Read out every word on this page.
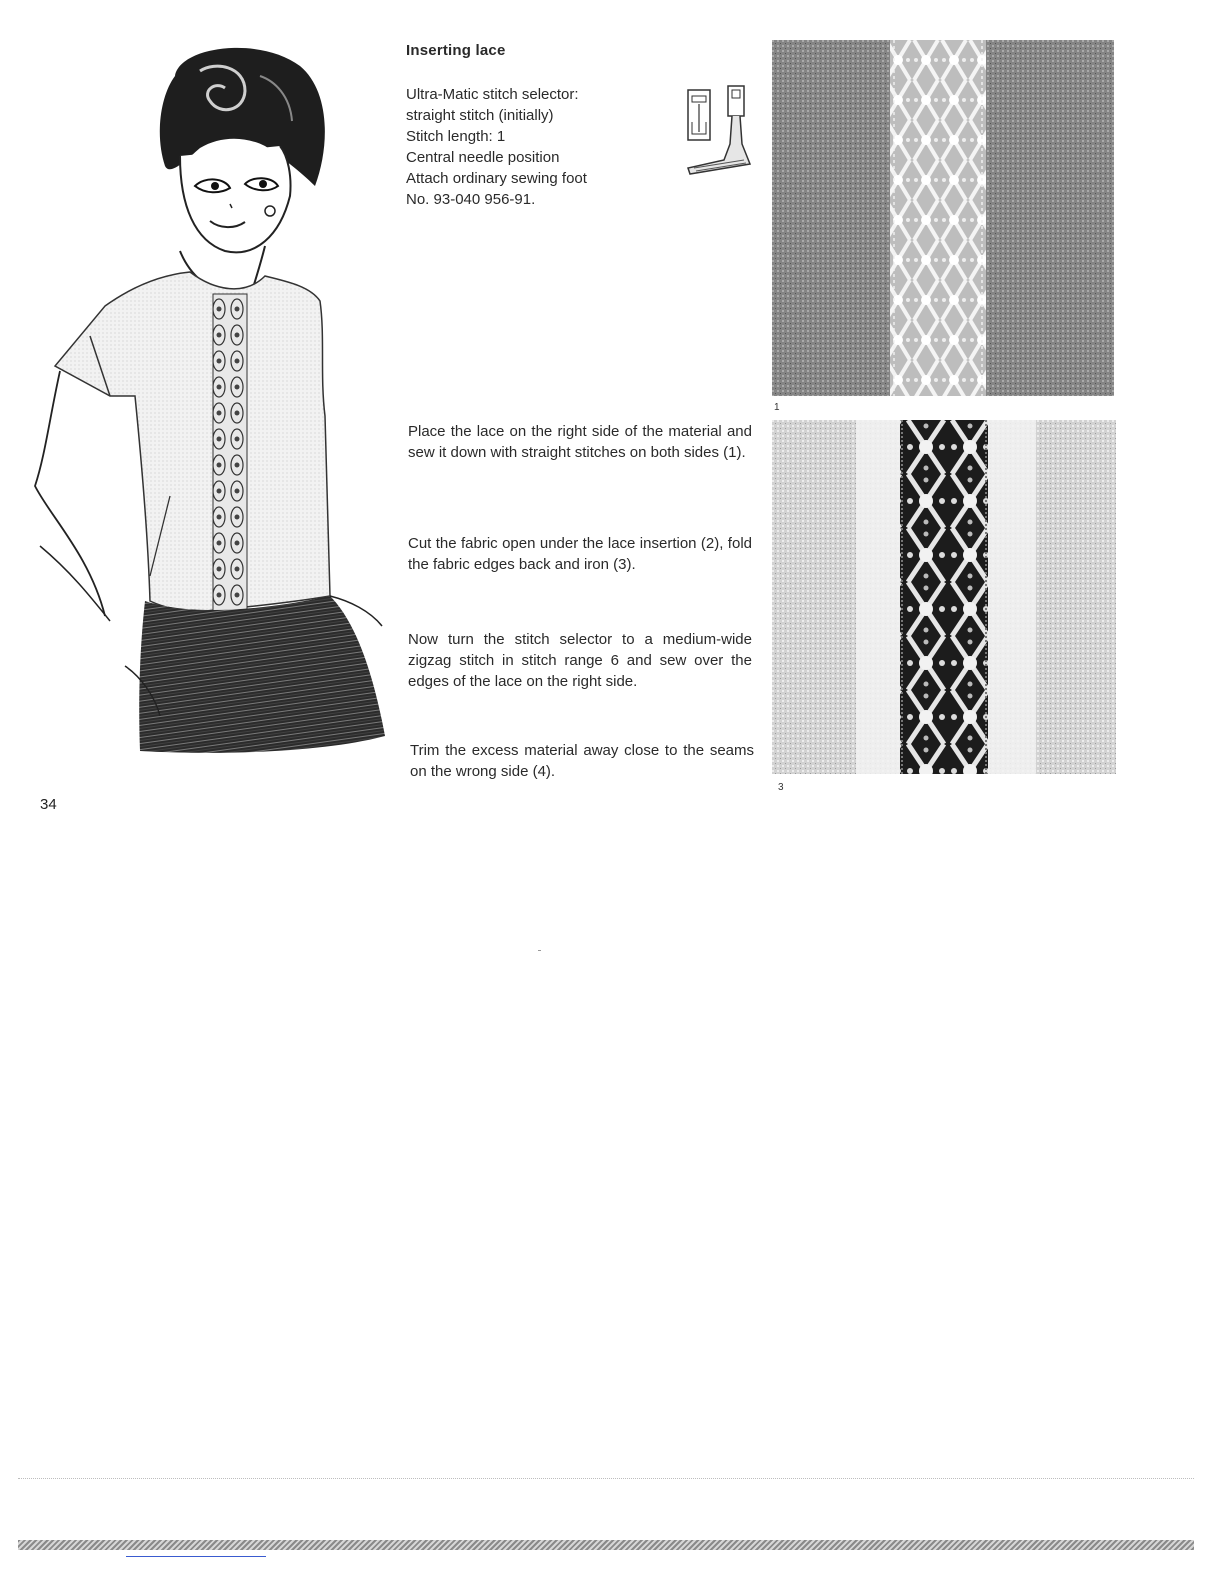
Inserting lace
Ultra-Matic stitch selector:
straight stitch (initially)
Stitch length: 1
Central needle position
Attach ordinary sewing foot
No. 93-040 956-91.
Place the lace on the right side of the material and sew it down with straight stitches on both sides (1).
Cut the fabric open under the lace insertion (2), fold the fabric edges back and iron (3).
Now turn the stitch selector to a medium-wide zigzag stitch in stitch range 6 and sew over the edges of the lace on the right side.
Trim the excess material away close to the seams on the wrong side (4).
1
3
34
